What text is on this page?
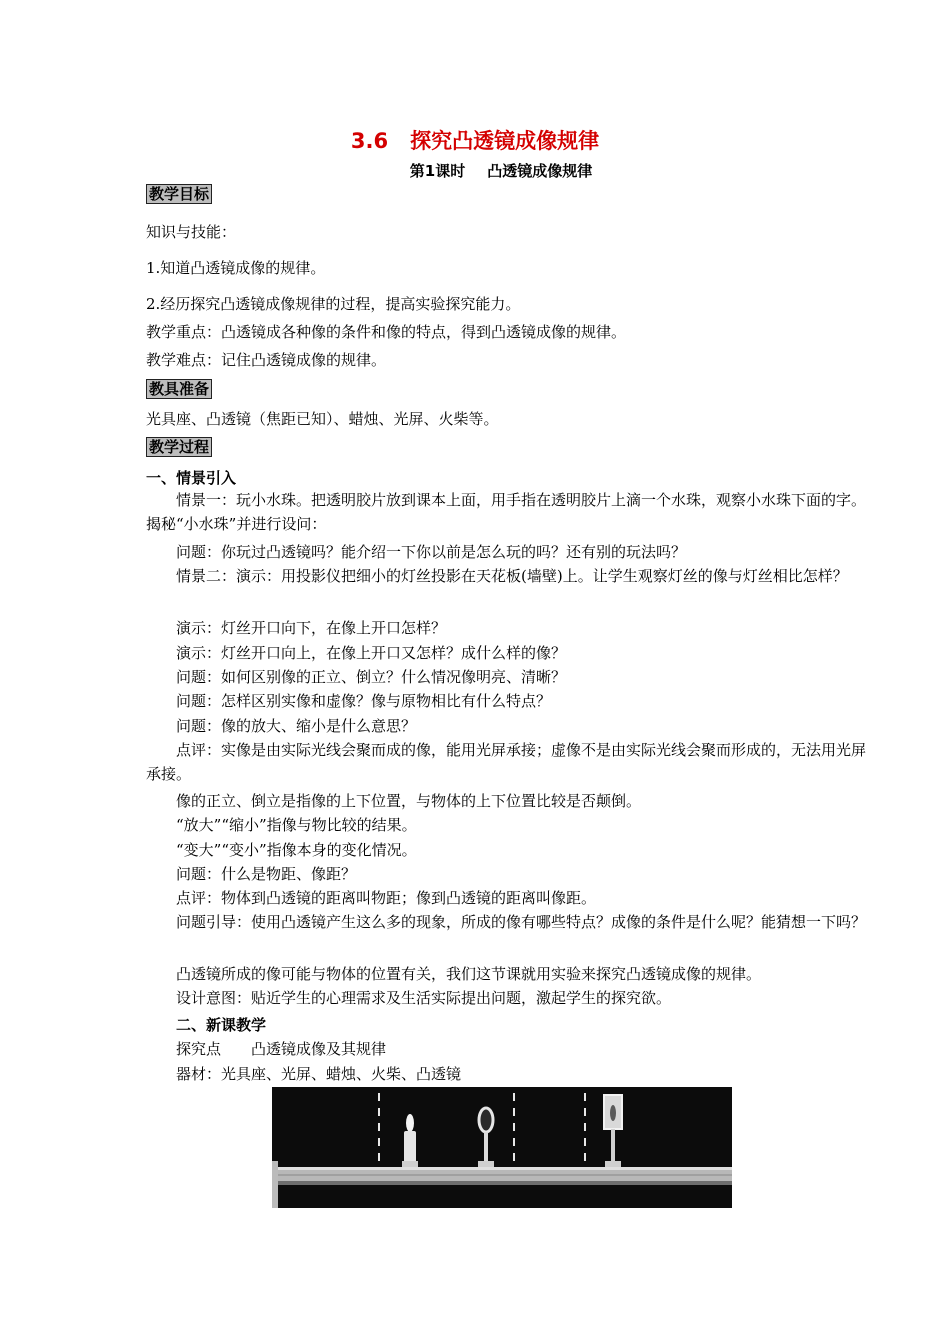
3.6 探究凸透镜成像规律
第1课时 凸透镜成像规律
教学目标
知识与技能：
1.知道凸透镜成像的规律。
2.经历探究凸透镜成像规律的过程，提高实验探究能力。
教学重点：凸透镜成各种像的条件和像的特点，得到凸透镜成像的规律。
教学难点：记住凸透镜成像的规律。
教具准备
光具座、凸透镜（焦距已知）、蜡烛、光屏、火柴等。
教学过程
一、情景引入
情景一：玩小水珠。把透明胶片放到课本上面，用手指在透明胶片上滴一个水珠，观察小水珠下面的字。揭秘“小水珠”并进行设问：
问题：你玩过凸透镜吗？能介绍一下你以前是怎么玩的吗？还有别的玩法吗？
情景二：演示：用投影仪把细小的灯丝投影在天花板(墙壁)上。让学生观察灯丝的像与灯丝相比怎样？
演示：灯丝开口向下，在像上开口怎样？
演示：灯丝开口向上，在像上开口又怎样？成什么样的像？
问题：如何区别像的正立、倒立？什么情况像明亮、清晰？
问题：怎样区别实像和虚像？像与原物相比有什么特点？
问题：像的放大、缩小是什么意思？
点评：实像是由实际光线会聚而成的像，能用光屏承接；虚像不是由实际光线会聚而形成的，无法用光屏承接。
像的正立、倒立是指像的上下位置，与物体的上下位置比较是否颠倒。
“放大”“缩小”指像与物比较的结果。
“变大”“变小”指像本身的变化情况。
问题：什么是物距、像距？
点评：物体到凸透镜的距离叫物距；像到凸透镜的距离叫像距。
问题引导：使用凸透镜产生这么多的现象，所成的像有哪些特点？成像的条件是什么呢？能猜想一下吗？
凸透镜所成的像可能与物体的位置有关，我们这节课就用实验来探究凸透镜成像的规律。
设计意图：贴近学生的心理需求及生活实际提出问题，激起学生的探究欲。
二、新课教学
探究点 凸透镜成像及其规律
器材：光具座、光屏、蜡烛、火柴、凸透镜
